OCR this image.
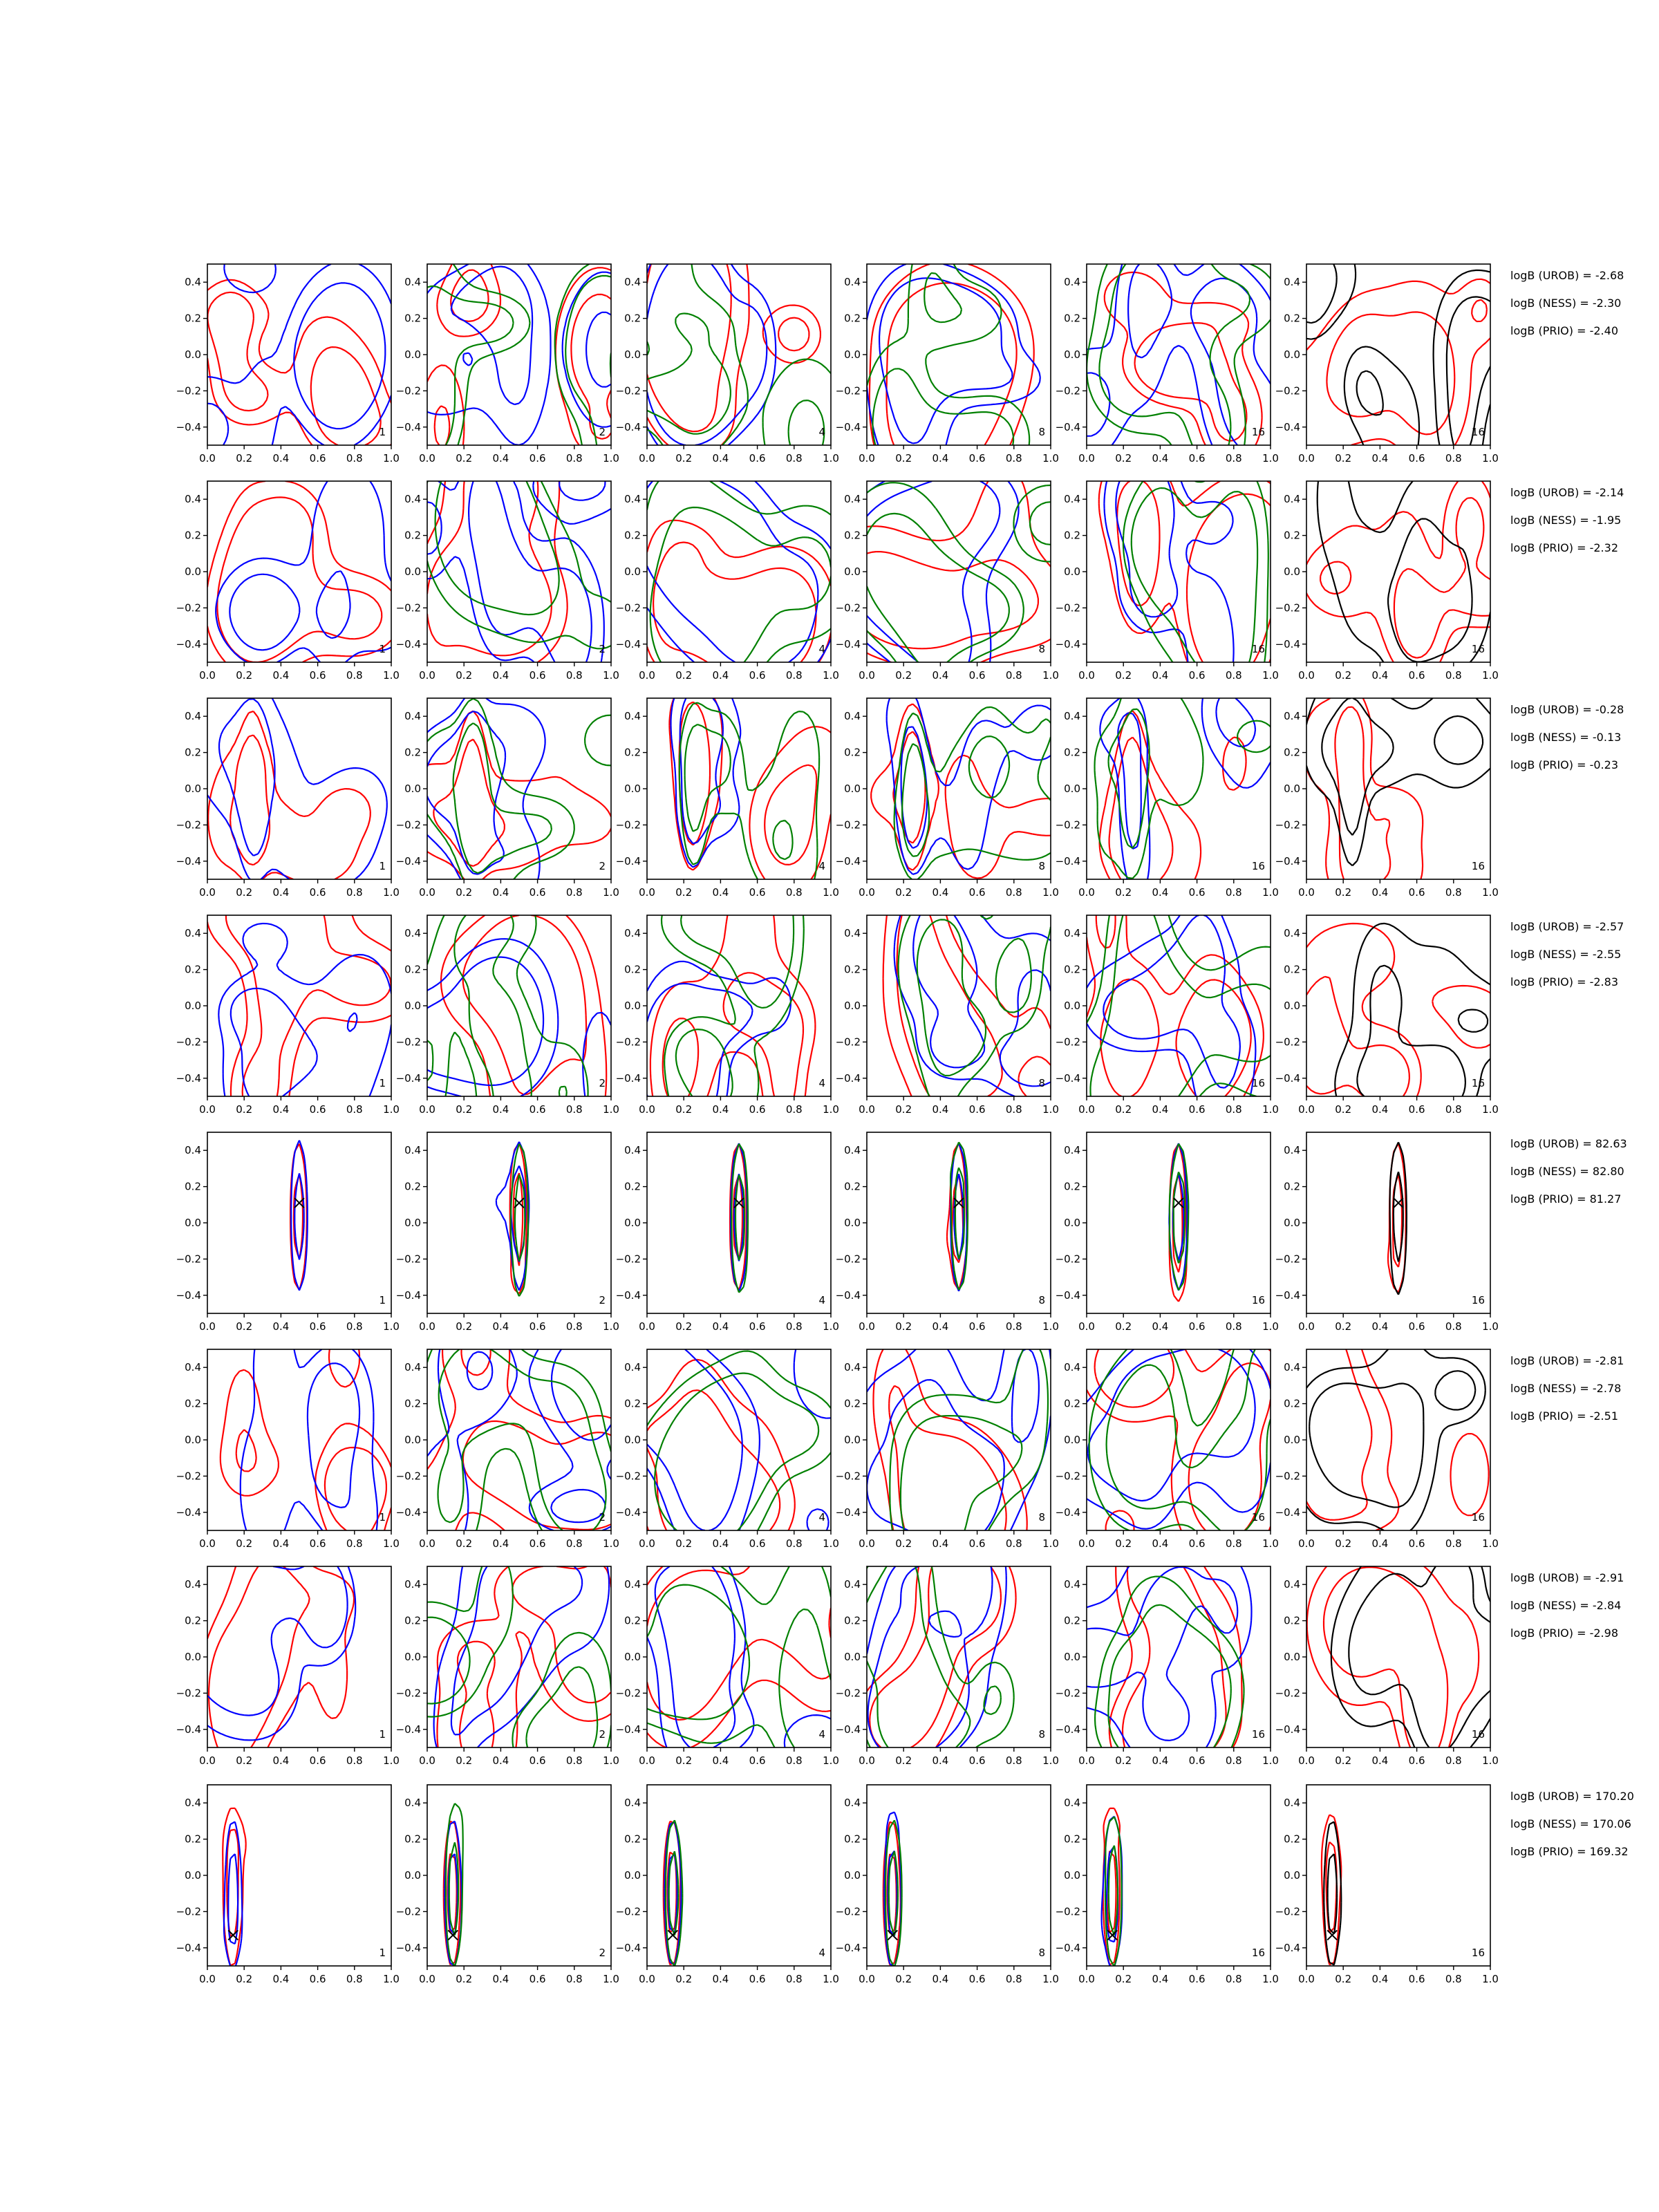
0.4
0.2
0.0
−0.2
−0.4
0.0 0.2 0.4 0.6 0.8 1.0
1
0.4
0.2
0.0
−0.2
−0.4
0.0 0.2 0.4 0.6 0.8 1.0
2
0.4
0.2
0.0
−0.2
−0.4
0.0 0.2 0.4 0.6 0.8 1.0
4
0.4
0.2
0.0
−0.2
−0.4
0.0 0.2 0.4 0.6 0.8 1.0
8
0.4
0.2
0.0
−0.2
−0.4
0.0 0.2 0.4 0.6 0.8 1.0
16
0.4
0.2
0.0
−0.2
−0.4
0.0 0.2 0.4 0.6 0.8 1.0
16
logB (UROB) = -2.68
logB (NESS) = -2.30
logB (PRIO) = -2.40
0.4
0.2
0.0
−0.2
−0.4
0.0 0.2 0.4 0.6 0.8 1.0
1
0.4
0.2
0.0
−0.2
−0.4
0.0 0.2 0.4 0.6 0.8 1.0
2
0.4
0.2
0.0
−0.2
−0.4
0.0 0.2 0.4 0.6 0.8 1.0
4
0.4
0.2
0.0
−0.2
−0.4
0.0 0.2 0.4 0.6 0.8 1.0
8
0.4
0.2
0.0
−0.2
−0.4
0.0 0.2 0.4 0.6 0.8 1.0
16
0.4
0.2
0.0
−0.2
−0.4
0.0 0.2 0.4 0.6 0.8 1.0
16
logB (UROB) = -2.14
logB (NESS) = -1.95
logB (PRIO) = -2.32
0.4
0.2
0.0
−0.2
−0.4
0.0 0.2 0.4 0.6 0.8 1.0
1
0.4
0.2
0.0
−0.2
−0.4
0.0 0.2 0.4 0.6 0.8 1.0
2
0.4
0.2
0.0
−0.2
−0.4
0.0 0.2 0.4 0.6 0.8 1.0
4
0.4
0.2
0.0
−0.2
−0.4
0.0 0.2 0.4 0.6 0.8 1.0
8
0.4
0.2
0.0
−0.2
−0.4
0.0 0.2 0.4 0.6 0.8 1.0
16
0.4
0.2
0.0
−0.2
−0.4
0.0 0.2 0.4 0.6 0.8 1.0
16
logB (UROB) = -0.28
logB (NESS) = -0.13
logB (PRIO) = -0.23
0.4
0.2
0.0
−0.2
−0.4
0.0 0.2 0.4 0.6 0.8 1.0
1
0.4
0.2
0.0
−0.2
−0.4
0.0 0.2 0.4 0.6 0.8 1.0
2
0.4
0.2
0.0
−0.2
−0.4
0.0 0.2 0.4 0.6 0.8 1.0
4
0.4
0.2
0.0
−0.2
−0.4
0.0 0.2 0.4 0.6 0.8 1.0
8
0.4
0.2
0.0
−0.2
−0.4
0.0 0.2 0.4 0.6 0.8 1.0
16
0.4
0.2
0.0
−0.2
−0.4
0.0 0.2 0.4 0.6 0.8 1.0
16
logB (UROB) = -2.57
logB (NESS) = -2.55
logB (PRIO) = -2.83
0.4
0.2
0.0
−0.2
−0.4
0.0 0.2 0.4 0.6 0.8 1.0
1
0.4
0.2
0.0
−0.2
−0.4
0.0 0.2 0.4 0.6 0.8 1.0
2
0.4
0.2
0.0
−0.2
−0.4
0.0 0.2 0.4 0.6 0.8 1.0
4
0.4
0.2
0.0
−0.2
−0.4
0.0 0.2 0.4 0.6 0.8 1.0
8
0.4
0.2
0.0
−0.2
−0.4
0.0 0.2 0.4 0.6 0.8 1.0
16
0.4
0.2
0.0
−0.2
−0.4
0.0 0.2 0.4 0.6 0.8 1.0
16
logB (UROB) = 82.63
logB (NESS) = 82.80
logB (PRIO) = 81.27
0.4
0.2
0.0
−0.2
−0.4
0.0 0.2 0.4 0.6 0.8 1.0
1
0.4
0.2
0.0
−0.2
−0.4
0.0 0.2 0.4 0.6 0.8 1.0
2
0.4
0.2
0.0
−0.2
−0.4
0.0 0.2 0.4 0.6 0.8 1.0
4
0.4
0.2
0.0
−0.2
−0.4
0.0 0.2 0.4 0.6 0.8 1.0
8
0.4
0.2
0.0
−0.2
−0.4
0.0 0.2 0.4 0.6 0.8 1.0
16
0.4
0.2
0.0
−0.2
−0.4
0.0 0.2 0.4 0.6 0.8 1.0
16
logB (UROB) = -2.81
logB (NESS) = -2.78
logB (PRIO) = -2.51
0.4
0.2
0.0
−0.2
−0.4
0.0 0.2 0.4 0.6 0.8 1.0
1
0.4
0.2
0.0
−0.2
−0.4
0.0 0.2 0.4 0.6 0.8 1.0
2
0.4
0.2
0.0
−0.2
−0.4
0.0 0.2 0.4 0.6 0.8 1.0
4
0.4
0.2
0.0
−0.2
−0.4
0.0 0.2 0.4 0.6 0.8 1.0
8
0.4
0.2
0.0
−0.2
−0.4
0.0 0.2 0.4 0.6 0.8 1.0
16
0.4
0.2
0.0
−0.2
−0.4
0.0 0.2 0.4 0.6 0.8 1.0
16
logB (UROB) = -2.91
logB (NESS) = -2.84
logB (PRIO) = -2.98
0.4
0.2
0.0
−0.2
−0.4
0.0 0.2 0.4 0.6 0.8 1.0
1
0.4
0.2
0.0
−0.2
−0.4
0.0 0.2 0.4 0.6 0.8 1.0
2
0.4
0.2
0.0
−0.2
−0.4
0.0 0.2 0.4 0.6 0.8 1.0
4
0.4
0.2
0.0
−0.2
−0.4
0.0 0.2 0.4 0.6 0.8 1.0
8
0.4
0.2
0.0
−0.2
−0.4
0.0 0.2 0.4 0.6 0.8 1.0
16
0.4
0.2
0.0
−0.2
−0.4
0.0 0.2 0.4 0.6 0.8 1.0
16
logB (UROB) = 170.20
logB (NESS) = 170.06
logB (PRIO) = 169.32
